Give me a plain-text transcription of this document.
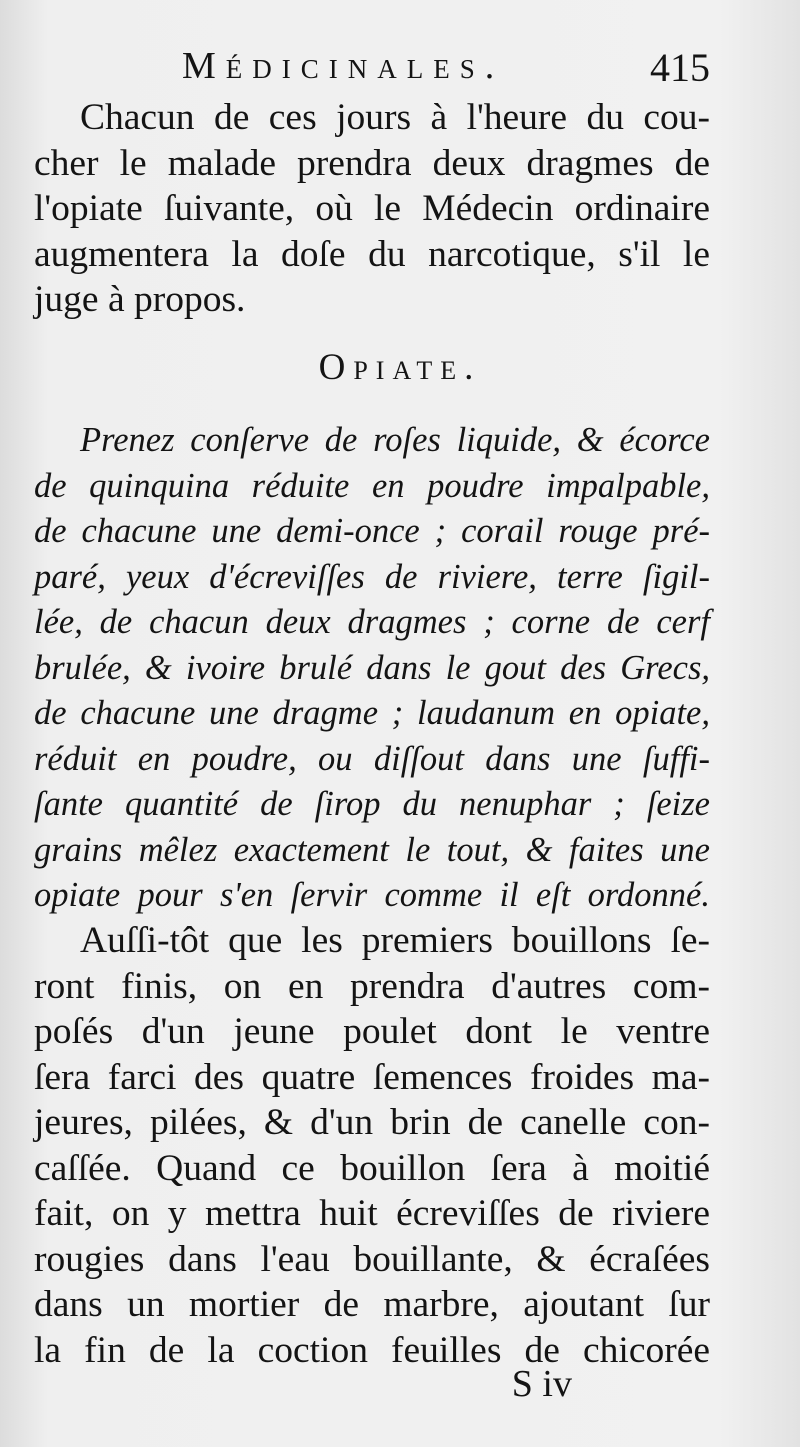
Médicinales.	415

Chacun de ces jours à l'heure du cou-
cher le malade prendra deux dragmes de
l'opiate ſuivante, où le Médecin ordinaire
augmentera la doſe du narcotique, s'il le
juge à propos.

Opiate.

Prenez conſerve de roſes liquide, & écorce
de quinquina réduite en poudre impalpable,
de chacune une demi-once ; corail rouge pré-
paré, yeux d'écreviſſes de riviere, terre ſigil-
lée, de chacun deux dragmes ; corne de cerf
brulée, & ivoire brulé dans le gout des Grecs,
de chacune une dragme ; laudanum en opiate,
réduit en poudre, ou diſſout dans une ſuffi-
ſante quantité de ſirop du nenuphar ; ſeize
grains mêlez exactement le tout, & faites une
opiate pour s'en ſervir comme il eſt ordonné.

Auſſi-tôt que les premiers bouillons ſe-
ront finis, on en prendra d'autres com-
poſés d'un jeune poulet dont le ventre
ſera farci des quatre ſemences froides ma-
jeures, pilées, & d'un brin de canelle con-
caſſée. Quand ce bouillon ſera à moitié
fait, on y mettra huit écreviſſes de riviere
rougies dans l'eau bouillante, & écraſées
dans un mortier de marbre, ajoutant ſur
la fin de la coction feuilles de chicorée

S iv
